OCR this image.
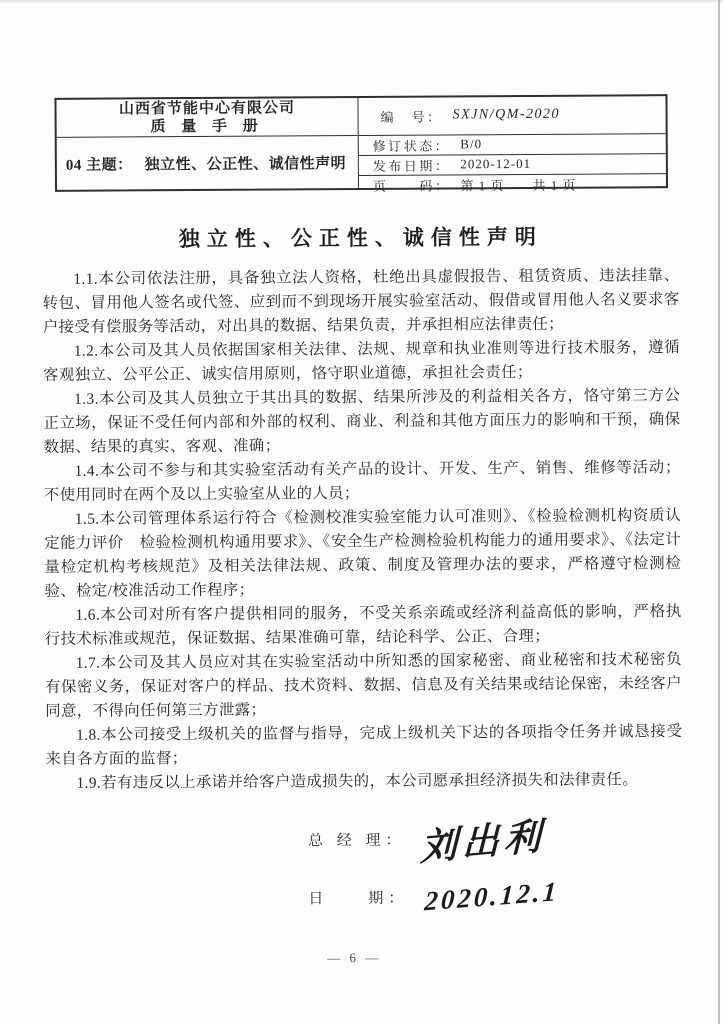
山西省节能中心有限公司
质 量 手 册
04 主题： 独立性、公正性、诚信性声明
编　号： SXJN/QM-2020
修订状态： B/0
发布日期： 2020-12-01
页　　码： 第 1 页　　共 1 页
独立性、公正性、诚信性声明

1.1.本公司依法注册，具备独立法人资格，杜绝出具虚假报告、租赁资质、违法挂靠、转包、冒用他人签名或代签、应到而不到现场开展实验室活动、假借或冒用他人名义要求客户接受有偿服务等活动，对出具的数据、结果负责，并承担相应法律责任；

1.2.本公司及其人员依据国家相关法律、法规、规章和执业准则等进行技术服务，遵循客观独立、公平公正、诚实信用原则，恪守职业道德，承担社会责任；

1.3.本公司及其人员独立于其出具的数据、结果所涉及的利益相关各方，恪守第三方公正立场，保证不受任何内部和外部的权利、商业、利益和其他方面压力的影响和干预，确保数据、结果的真实、客观、准确；

1.4.本公司不参与和其实验室活动有关产品的设计、开发、生产、销售、维修等活动；不使用同时在两个及以上实验室从业的人员；

1.5.本公司管理体系运行符合《检测校准实验室能力认可准则》、《检验检测机构资质认定能力评价　检验检测机构通用要求》、《安全生产检测检验机构能力的通用要求》、《法定计量检定机构考核规范》及相关法律法规、政策、制度及管理办法的要求，严格遵守检测检验、检定/校准活动工作程序；

1.6.本公司对所有客户提供相同的服务，不受关系亲疏或经济利益高低的影响，严格执行技术标准或规范，保证数据、结果准确可靠，结论科学、公正、合理；

1.7.本公司及其人员应对其在实验室活动中所知悉的国家秘密、商业秘密和技术秘密负有保密义务，保证对客户的样品、技术资料、数据、信息及有关结果或结论保密，未经客户同意，不得向任何第三方泄露；

1.8.本公司接受上级机关的监督与指导，完成上级机关下达的各项指令任务并诚恳接受来自各方面的监督；

1.9.若有违反以上承诺并给客户造成损失的，本公司愿承担经济损失和法律责任。

总 经 理： 刘出利
日　　期： 2020.12.1
— 6 —
